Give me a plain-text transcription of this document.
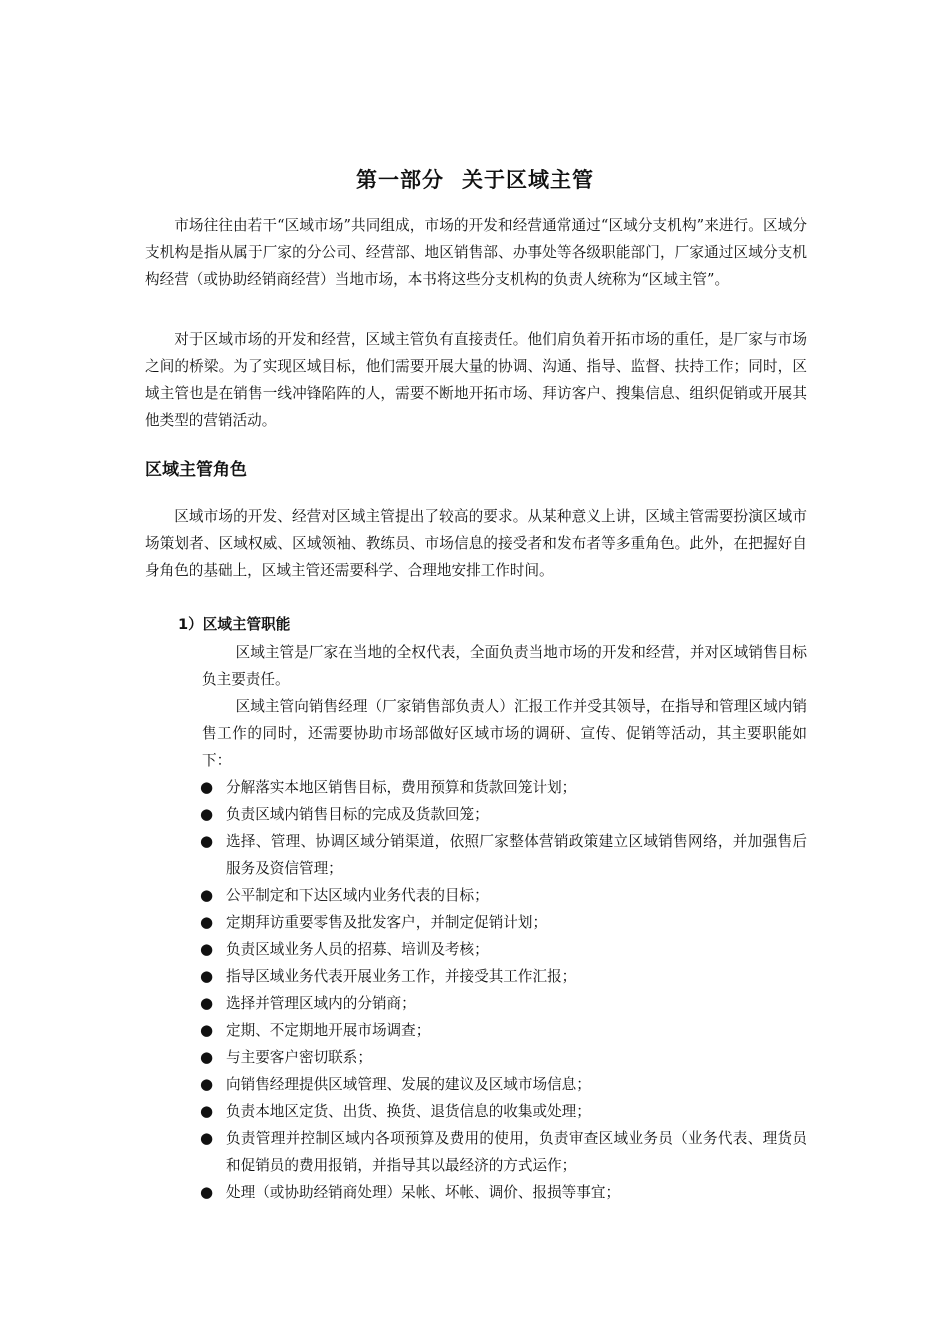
第一部分 关于区域主管

市场往往由若干“区域市场”共同组成，市场的开发和经营通常通过“区域分支机构”来进行。区域分支机构是指从属于厂家的分公司、经营部、地区销售部、办事处等各级职能部门，厂家通过区域分支机构经营（或协助经销商经营）当地市场，本书将这些分支机构的负责人统称为“区域主管”。

对于区域市场的开发和经营，区域主管负有直接责任。他们肩负着开拓市场的重任，是厂家与市场之间的桥梁。为了实现区域目标，他们需要开展大量的协调、沟通、指导、监督、扶持工作；同时，区域主管也是在销售一线冲锋陷阵的人，需要不断地开拓市场、拜访客户、搜集信息、组织促销或开展其他类型的营销活动。

区域主管角色

区域市场的开发、经营对区域主管提出了较高的要求。从某种意义上讲，区域主管需要扮演区域市场策划者、区域权威、区域领袖、教练员、市场信息的接受者和发布者等多重角色。此外，在把握好自身角色的基础上，区域主管还需要科学、合理地安排工作时间。

1）区域主管职能

区域主管是厂家在当地的全权代表，全面负责当地市场的开发和经营，并对区域销售目标负主要责任。

区域主管向销售经理（厂家销售部负责人）汇报工作并受其领导，在指导和管理区域内销售工作的同时，还需要协助市场部做好区域市场的调研、宣传、促销等活动，其主要职能如下：

● 分解落实本地区销售目标，费用预算和货款回笼计划；
● 负责区域内销售目标的完成及货款回笼；
● 选择、管理、协调区域分销渠道，依照厂家整体营销政策建立区域销售网络，并加强售后服务及资信管理；
● 公平制定和下达区域内业务代表的目标；
● 定期拜访重要零售及批发客户，并制定促销计划；
● 负责区域业务人员的招募、培训及考核；
● 指导区域业务代表开展业务工作，并接受其工作汇报；
● 选择并管理区域内的分销商；
● 定期、不定期地开展市场调查；
● 与主要客户密切联系；
● 向销售经理提供区域管理、发展的建议及区域市场信息；
● 负责本地区定货、出货、换货、退货信息的收集或处理；
● 负责管理并控制区域内各项预算及费用的使用，负责审查区域业务员（业务代表、理货员和促销员的费用报销，并指导其以最经济的方式运作；
● 处理（或协助经销商处理）呆帐、坏帐、调价、报损等事宜；
